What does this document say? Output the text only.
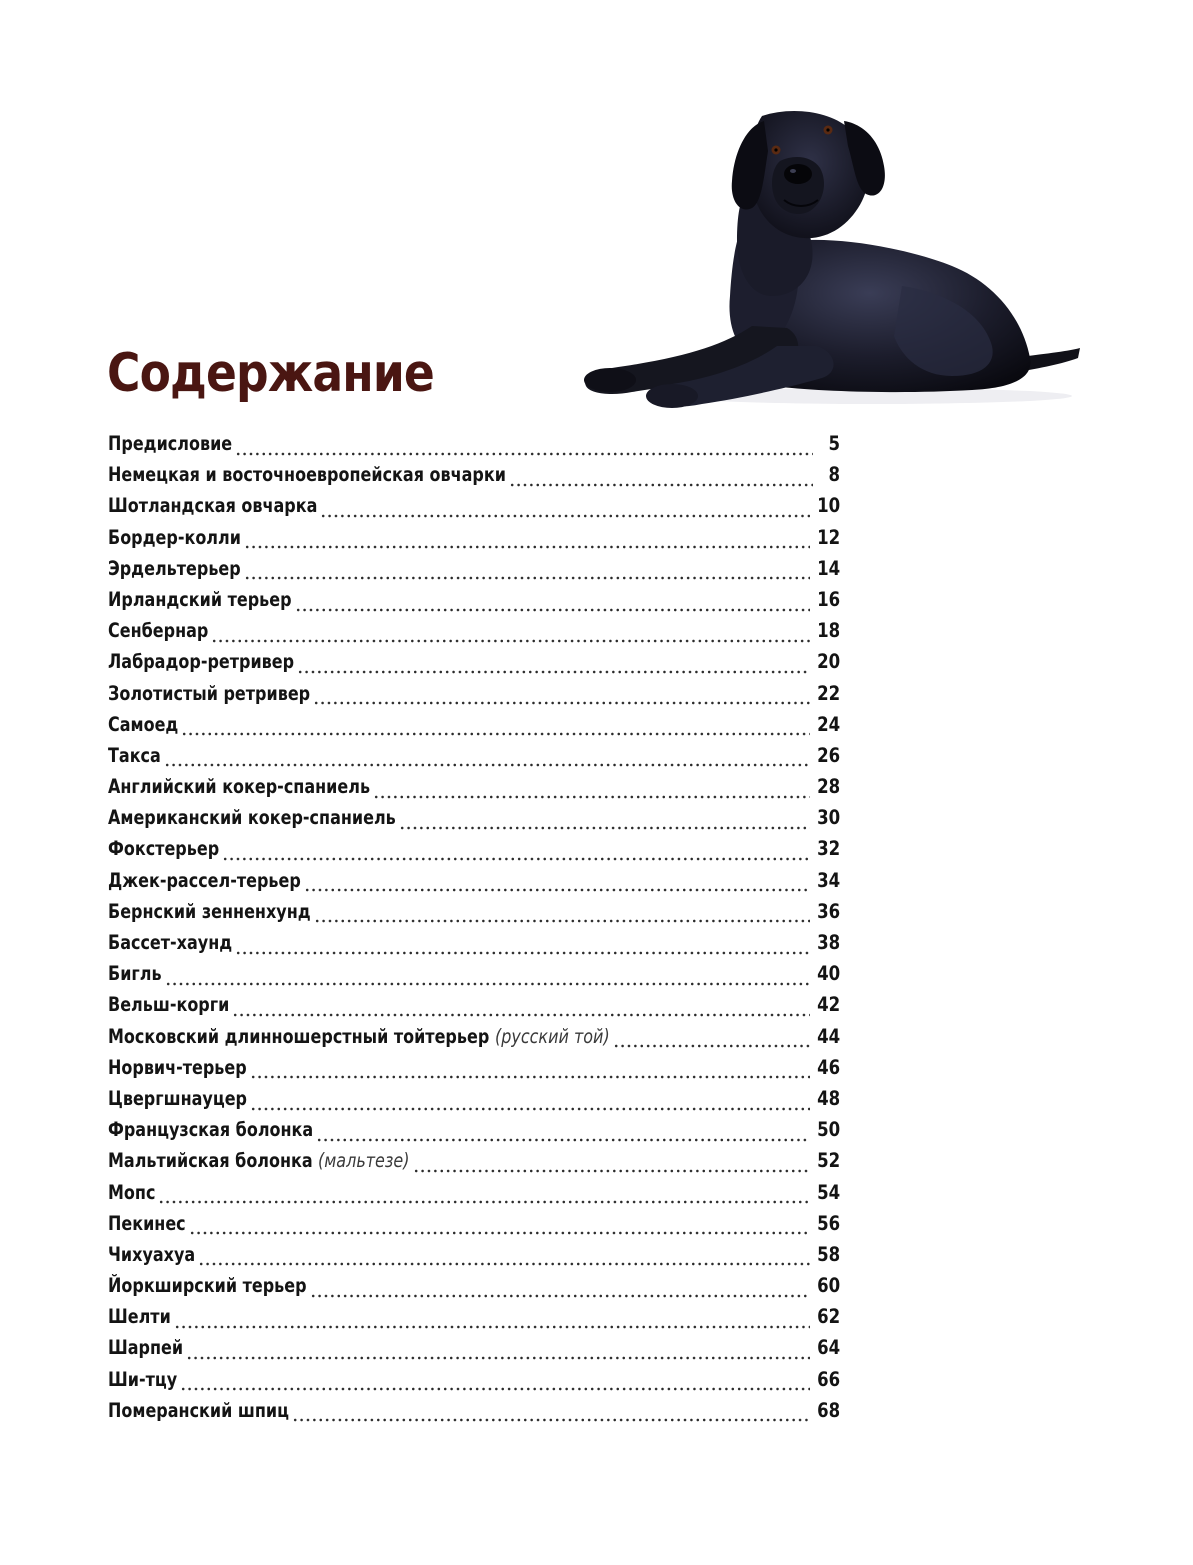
Содержание
Предисловие	5
Немецкая и восточноевропейская овчарки	8
Шотландская овчарка	10
Бордер-колли	12
Эрдельтерьер	14
Ирландский терьер	16
Сенбернар	18
Лабрадор-ретривер	20
Золотистый ретривер	22
Самоед	24
Такса	26
Английский кокер-спаниель	28
Американский кокер-спаниель	30
Фокстерьер	32
Джек-рассел-терьер	34
Бернский зенненхунд	36
Бассет-хаунд	38
Бигль	40
Вельш-корги	42
Московский длинношерстный тойтерьер (русский той)	44
Норвич-терьер	46
Цвергшнауцер	48
Французская болонка	50
Мальтийская болонка (мальтезе)	52
Мопс	54
Пекинес	56
Чихуахуа	58
Йоркширский терьер	60
Шелти	62
Шарпей	64
Ши-тцу	66
Померанский шпиц	68
